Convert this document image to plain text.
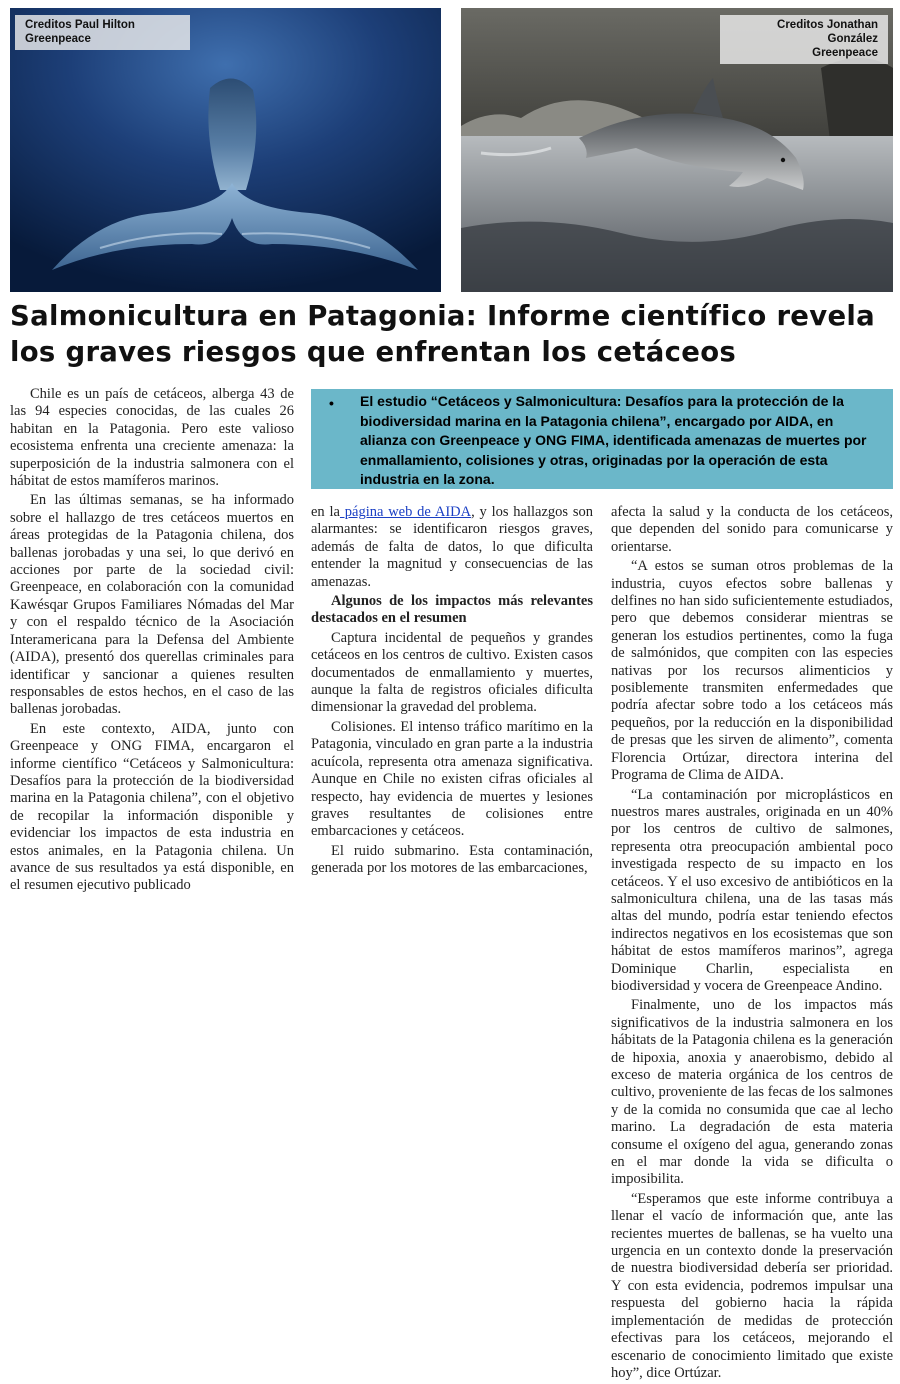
Creditos Paul Hilton
Greenpeace
Creditos Jonathan González
Greenpeace
Salmonicultura en Patagonia: Informe científico revela
los graves riesgos que enfrentan los cetáceos
• El estudio “Cetáceos y Salmonicultura: Desafíos para la protección de la biodiversidad marina en la Patagonia chilena”, encargado por AIDA, en alianza con Greenpeace y ONG FIMA, identificada amenazas de muertes por enmallamiento, colisiones y otras, originadas por la operación de esta industria en la zona.

Chile es un país de cetáceos, alberga 43 de las 94 especies conocidas, de las cuales 26 habitan en la Patagonia. Pero este valioso ecosistema enfrenta una creciente amenaza: la superposición de la industria salmonera con el hábitat de estos mamíferos marinos.

En las últimas semanas, se ha informado sobre el hallazgo de tres cetáceos muertos en áreas protegidas de la Patagonia chilena, dos ballenas jorobadas y una sei, lo que derivó en acciones por parte de la sociedad civil: Greenpeace, en colaboración con la comunidad Kawésqar Grupos Familiares Nómadas del Mar y con el respaldo técnico de la Asociación Interamericana para la Defensa del Ambiente (AIDA), presentó dos querellas criminales para identificar y sancionar a quienes resulten responsables de estos hechos, en el caso de las ballenas jorobadas.

En este contexto, AIDA, junto con Greenpeace y ONG FIMA, encargaron el informe científico “Cetáceos y Salmonicultura: Desafíos para la protección de la biodiversidad marina en la Patagonia chilena”, con el objetivo de recopilar la información disponible y evidenciar los impactos de esta industria en estos animales, en la Patagonia chilena. Un avance de sus resultados ya está disponible, en el resumen ejecutivo publicado

en la página web de AIDA, y los hallazgos son alarmantes: se identificaron riesgos graves, además de falta de datos, lo que dificulta entender la magnitud y consecuencias de las amenazas.

Algunos de los impactos más relevantes destacados en el resumen

Captura incidental de pequeños y grandes cetáceos en los centros de cultivo. Existen casos documentados de enmallamiento y muertes, aunque la falta de registros oficiales dificulta dimensionar la gravedad del problema.

Colisiones. El intenso tráfico marítimo en la Patagonia, vinculado en gran parte a la industria acuícola, representa otra amenaza significativa. Aunque en Chile no existen cifras oficiales al respecto, hay evidencia de muertes y lesiones graves resultantes de colisiones entre embarcaciones y cetáceos.

El ruido submarino. Esta contaminación, generada por los motores de las embarcaciones,

afecta la salud y la conducta de los cetáceos, que dependen del sonido para comunicarse y orientarse.

“A estos se suman otros problemas de la industria, cuyos efectos sobre ballenas y delfines no han sido suficientemente estudiados, pero que debemos considerar mientras se generan los estudios pertinentes, como la fuga de salmónidos, que compiten con las especies nativas por los recursos alimenticios y posiblemente transmiten enfermedades que podría afectar sobre todo a los cetáceos más pequeños, por la reducción en la disponibilidad de presas que les sirven de alimento”, comenta Florencia Ortúzar, directora interina del Programa de Clima de AIDA.

“La contaminación por microplásticos en nuestros mares australes, originada en un 40% por los centros de cultivo de salmones, representa otra preocupación ambiental poco investigada respecto de su impacto en los cetáceos. Y el uso excesivo de antibióticos en la salmonicultura chilena, una de las tasas más altas del mundo, podría estar teniendo efectos indirectos negativos en los ecosistemas que son hábitat de estos mamíferos marinos”, agrega Dominique Charlin, especialista en biodiversidad y vocera de Greenpeace Andino.

Finalmente, uno de los impactos más significativos de la industria salmonera en los hábitats de la Patagonia chilena es la generación de hipoxia, anoxia y anaerobismo, debido al exceso de materia orgánica de los centros de cultivo, proveniente de las fecas de los salmones y de la comida no consumida que cae al lecho marino. La degradación de esta materia consume el oxígeno del agua, generando zonas en el mar donde la vida se dificulta o imposibilita.

“Esperamos que este informe contribuya a llenar el vacío de información que, ante las recientes muertes de ballenas, se ha vuelto una urgencia en un contexto donde la preservación de nuestra biodiversidad debería ser prioridad. Y con esta evidencia, podremos impulsar una respuesta del gobierno hacia la rápida implementación de medidas de protección efectivas para los cetáceos, mejorando el escenario de conocimiento limitado que existe hoy”, dice Ortúzar.
